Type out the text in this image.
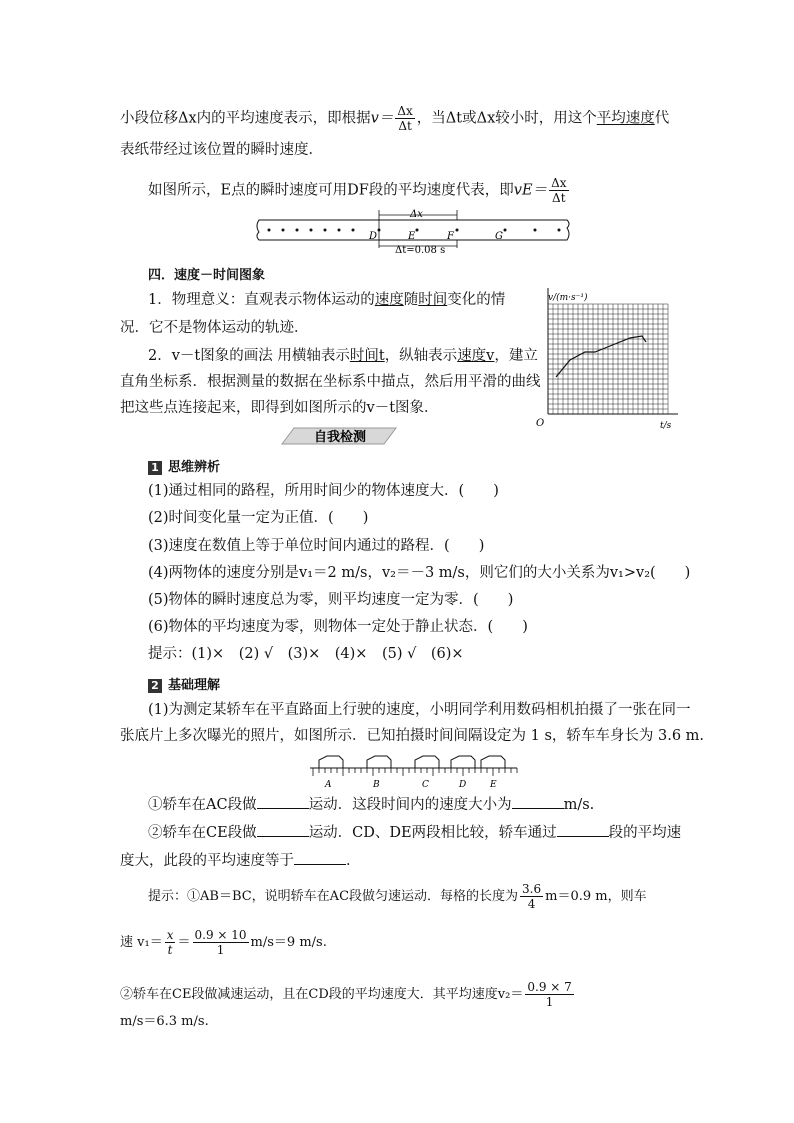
小段位移Δx内的平均速度表示，即根据$v= \frac{\Delta x}{\Delta t}$ ，当Δt或Δx较小时，用这个平均速度代
表纸带经过该位置的瞬时速度．
如图所示，E点的瞬时速度可用DF段的平均速度代表，即$vE= \frac{\Delta x}{\Delta t}$
Δx
Δt=0.08 s
D	E	F	G
四．速度－时间图象
1．物理意义：直观表示物体运动的速度随时间变化的情
况．它不是物体运动的轨迹．
2．v－t图象的画法 用横轴表示时间t，纵轴表示速度v，建立
直角坐标系．根据测量的数据在坐标系中描点，然后用平滑的曲线
把这些点连接起来，即得到如图所示的v－t图象．
v/(m·s⁻¹)
t/s
O
自我检测
1 思维辨析
(1)通过相同的路程，所用时间少的物体速度大．(　　)
(2)时间变化量一定为正值．(　　)
(3)速度在数值上等于单位时间内通过的路程．(　　)
(4)两物体的速度分别是v₁＝2 m/s，v₂＝－3 m/s，则它们的大小关系为v₁>v₂(　　)
(5)物体的瞬时速度总为零，则平均速度一定为零．(　　)
(6)物体的平均速度为零，则物体一定处于静止状态．(　　)
提示：(1)×　(2) √　(3)×　(4)×　(5) √　(6)×
2 基础理解
(1)为测定某轿车在平直路面上行驶的速度，小明同学利用数码相机拍摄了一张在同一
张底片上多次曝光的照片，如图所示．已知拍摄时间间隔设定为 1 s，轿车车身长为 3.6 m.
A	B	C	D	E
①轿车在AC段做	运动．这段时间内的速度大小为	m/s.
②轿车在CE段做	运动．CD、DE两段相比较，轿车通过	段的平均速
度大，此段的平均速度等于	．
提示：①AB＝BC，说明轿车在AC段做匀速运动．每格的长度为 $\frac{3.6}{4} m=0.9$ m，则车
速 $v_1= \frac{x}{t} = \frac{0.9 \times 10}{1} m/s=9$ m/s.
②轿车在CE段做减速运动，且在CD段的平均速度大．其平均速度$v_2= \frac{0.9 \times 7}{1}$
m/s＝6.3 m/s.
